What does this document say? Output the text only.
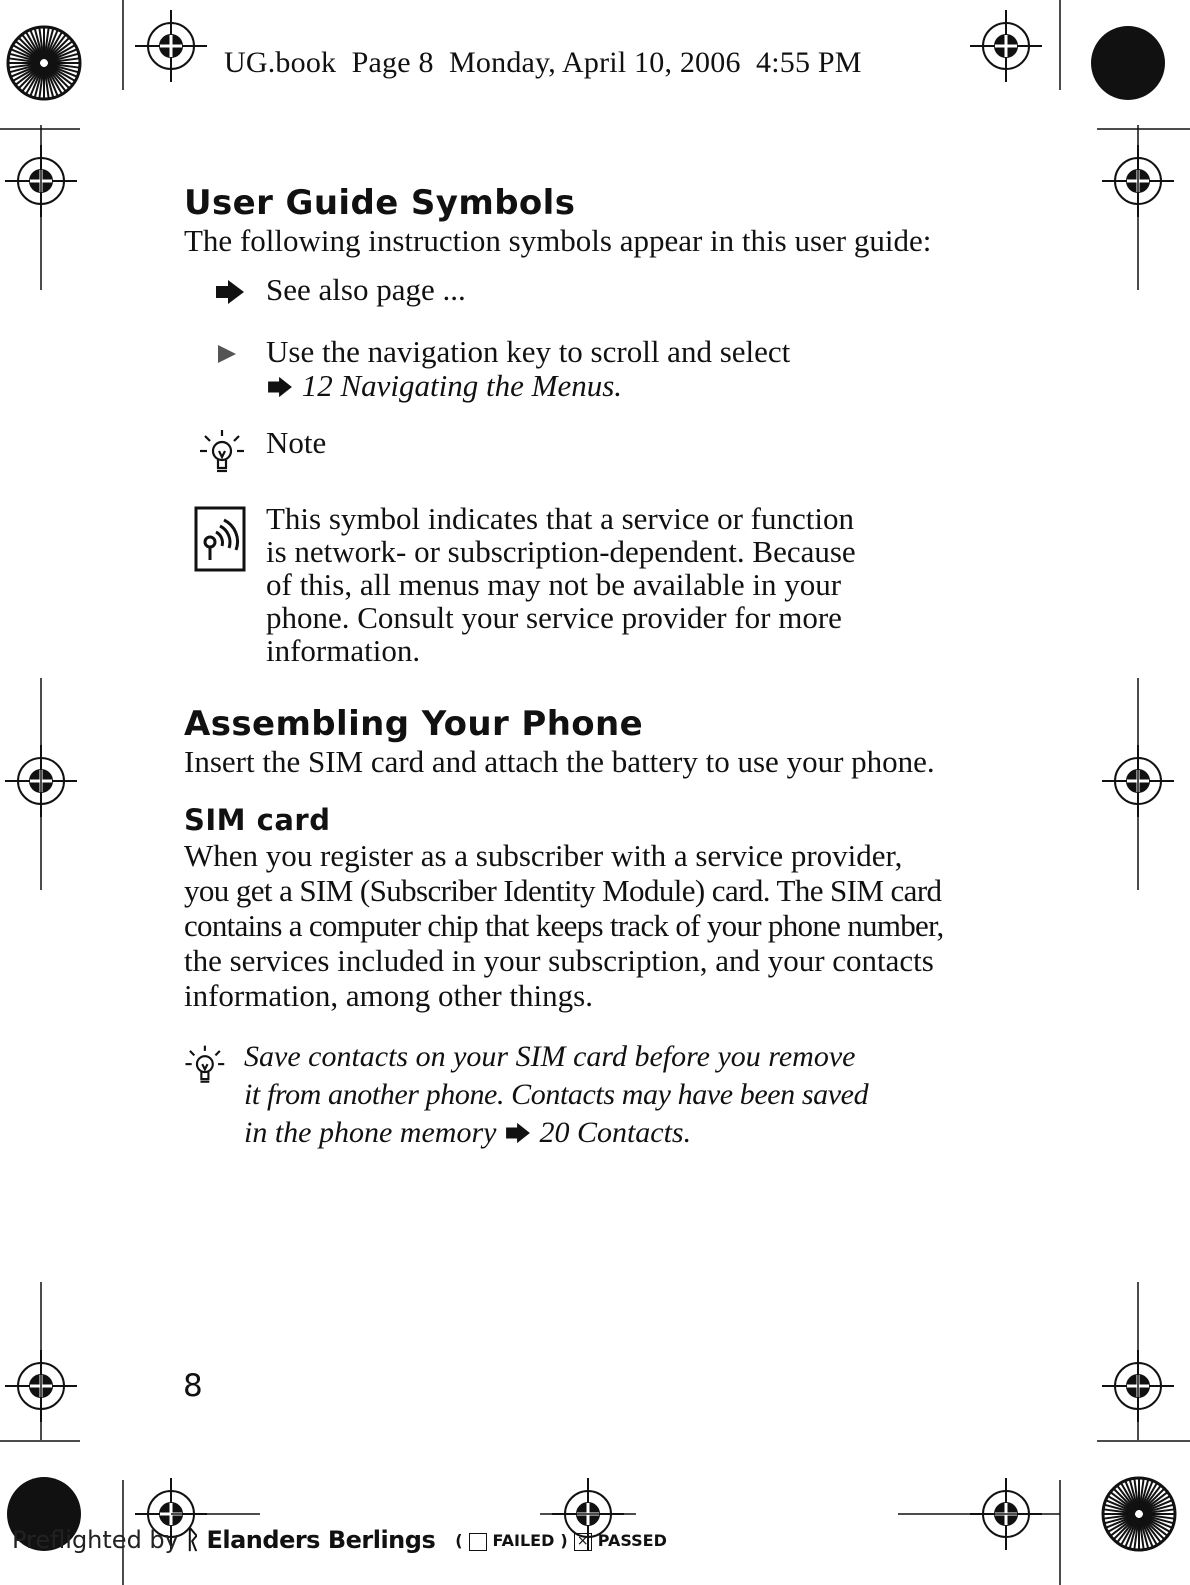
UG.book  Page 8  Monday, April 10, 2006  4:55 PM
User Guide Symbols
The following instruction symbols appear in this user guide:
See also page ...
Use the navigation key to scroll and select
12 Navigating the Menus.
Note
This symbol indicates that a service or function
is network- or subscription-dependent. Because
of this, all menus may not be available in your
phone. Consult your service provider for more
information.
Assembling Your Phone
Insert the SIM card and attach the battery to use your phone.
SIM card
When you register as a subscriber with a service provider,
you get a SIM (Subscriber Identity Module) card. The SIM card
contains a computer chip that keeps track of your phone number,
the services included in your subscription, and your contacts
information, among other things.
Save contacts on your SIM card before you remove
it from another phone. Contacts may have been saved
in the phone memory 20 Contacts.
8
Preflighted by ᚱ Elanders Berlings ( FAILED ) × PASSED
